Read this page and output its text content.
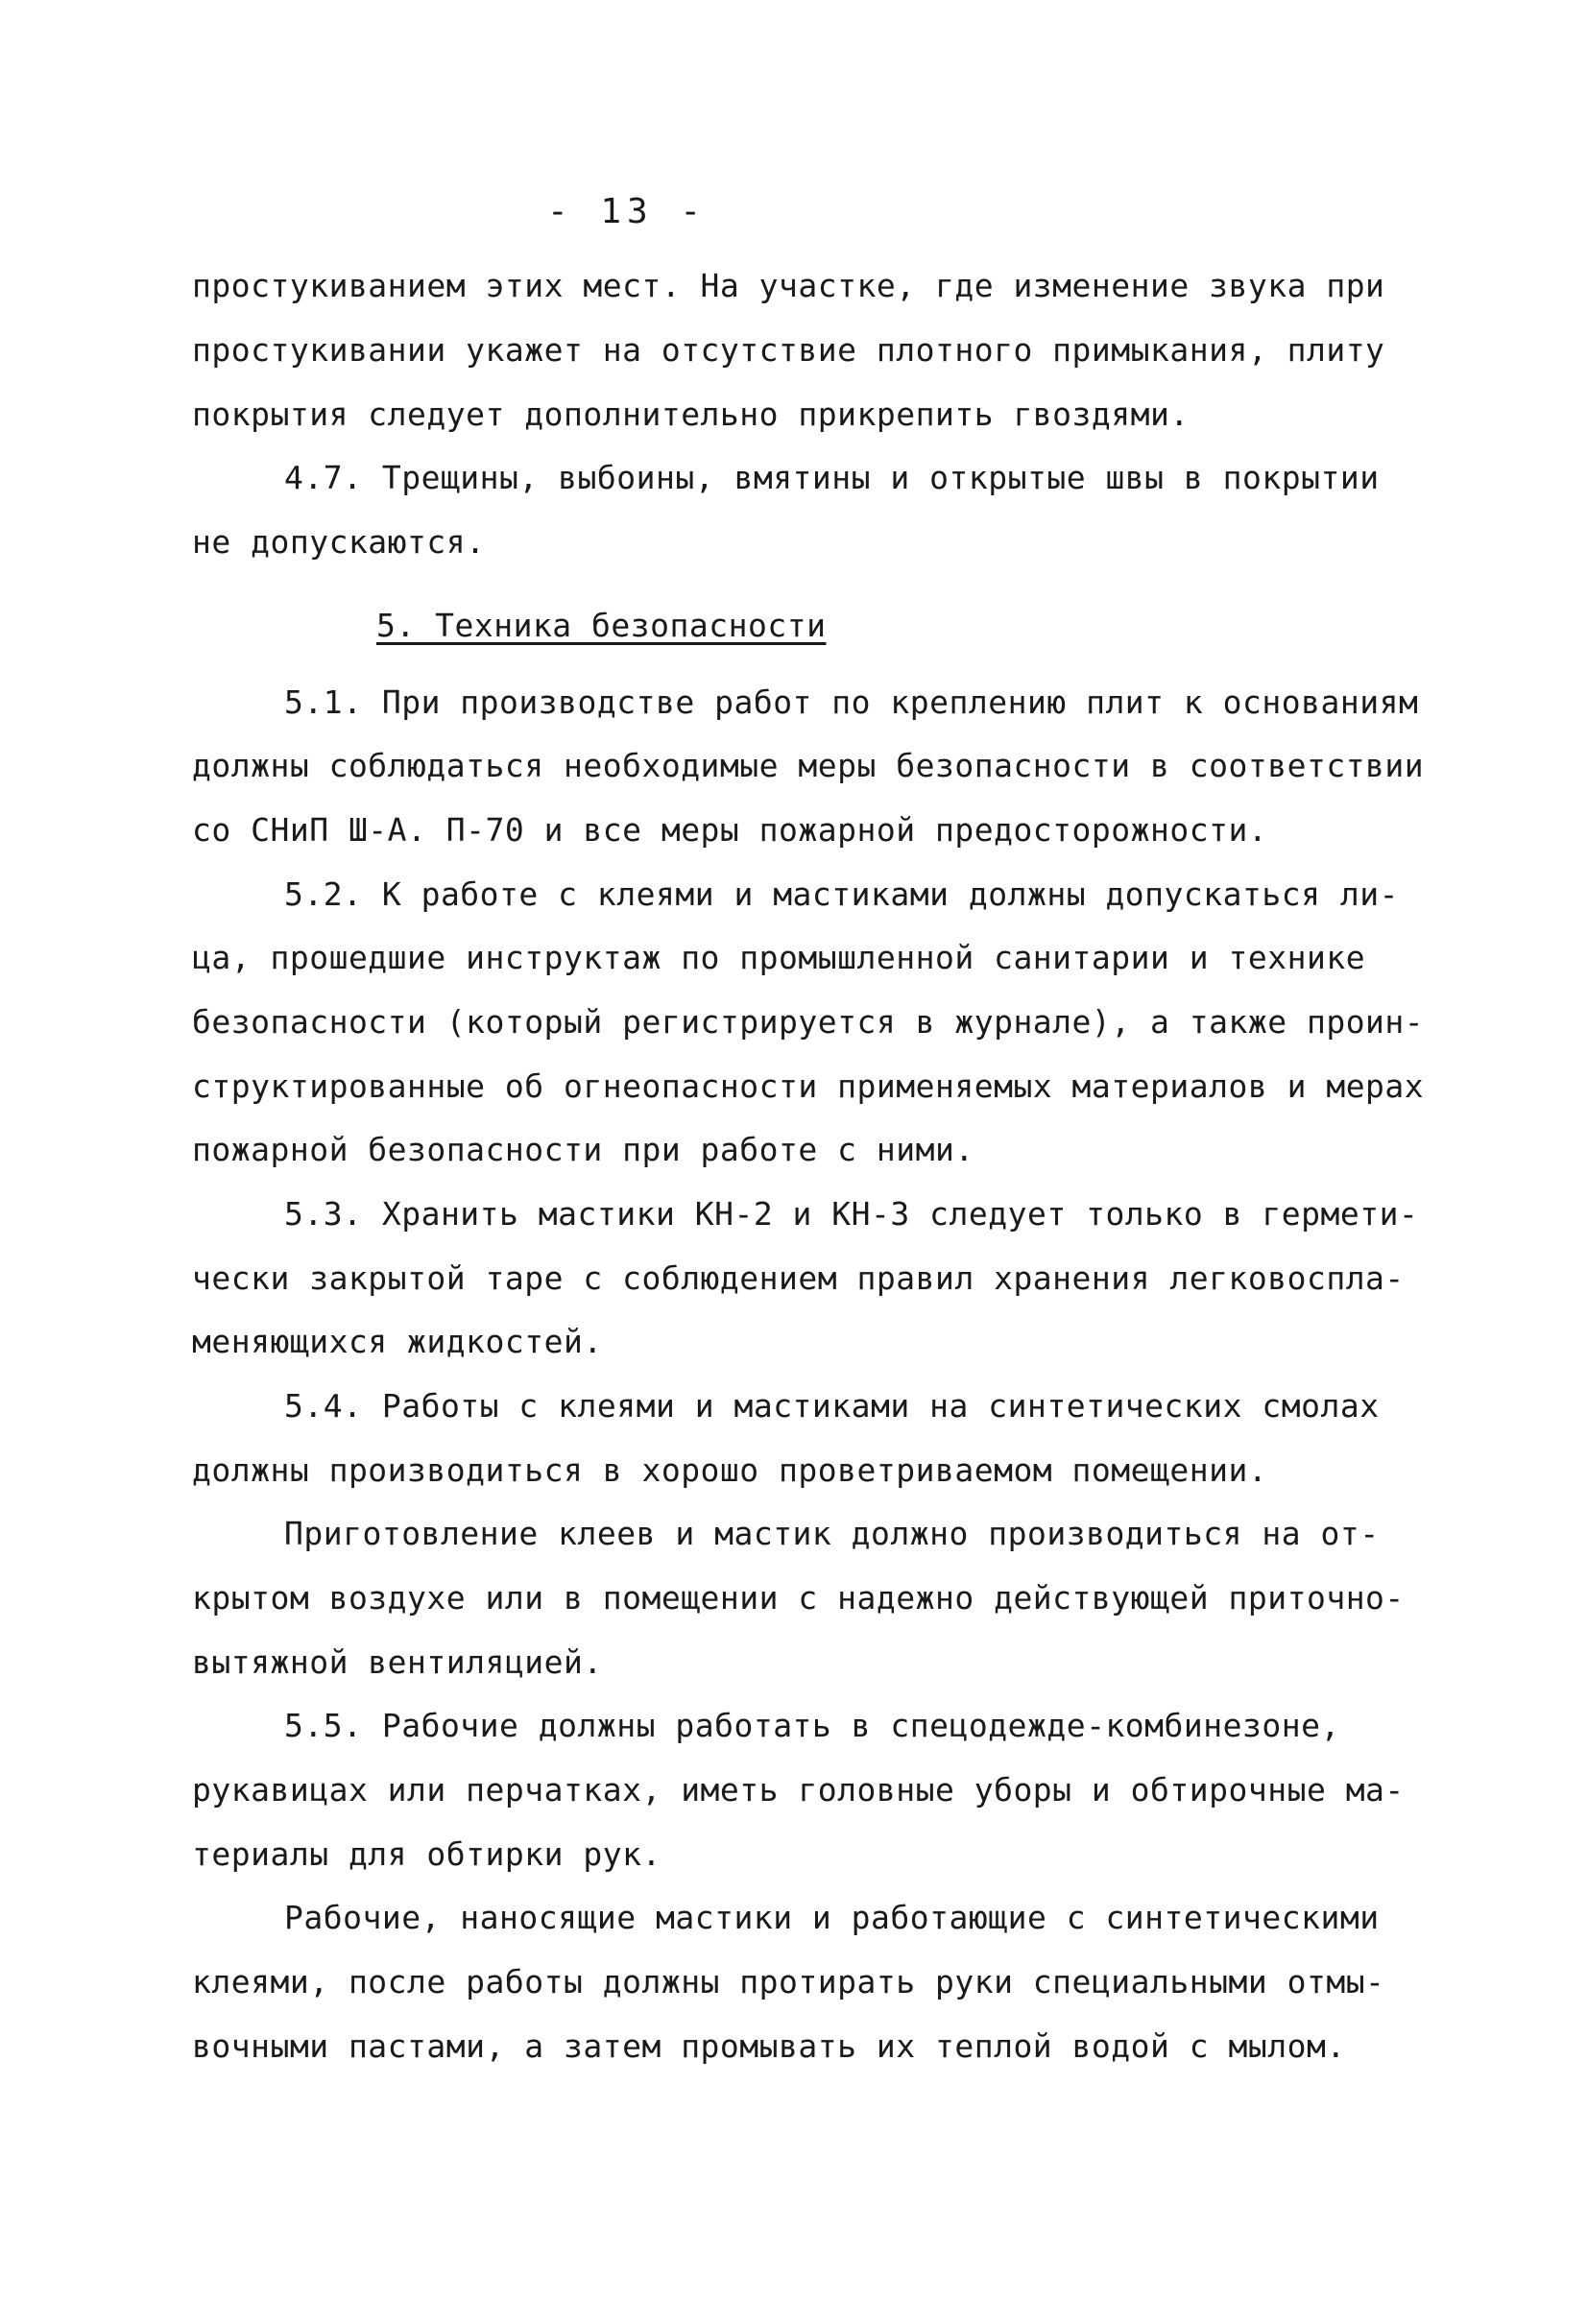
- 13 -
простукиванием этих мест. На участке, где изменение звука при
простукивании укажет на отсутствие плотного примыкания, плиту
покрытия следует дополнительно прикрепить гвоздями.
4.7. Трещины, выбоины, вмятины и открытые швы в покрытии
не допускаются.
5. Техника безопасности
5.1. При производстве работ по креплению плит к основаниям
должны соблюдаться необходимые меры безопасности в соответствии
со СНиП Ш-А. П-70 и все меры пожарной предосторожности.
5.2. К работе с клеями и мастиками должны допускаться ли-
ца, прошедшие инструктаж по промышленной санитарии и технике
безопасности (который регистрируется в журнале), а также проин-
структированные об огнеопасности применяемых материалов и мерах
пожарной безопасности при работе с ними.
5.3. Хранить мастики КН-2 и КН-3 следует только в гермети-
чески закрытой таре с соблюдением правил хранения легковоспла-
меняющихся жидкостей.
5.4. Работы с клеями и мастиками на синтетических смолах
должны производиться в хорошо проветриваемом помещении.
Приготовление клеев и мастик должно производиться на от-
крытом воздухе или в помещении с надежно действующей приточно-
вытяжной вентиляцией.
5.5. Рабочие должны работать в спецодежде-комбинезоне,
рукавицах или перчатках, иметь головные уборы и обтирочные ма-
териалы для обтирки рук.
Рабочие, наносящие мастики и работающие с синтетическими
клеями, после работы должны протирать руки специальными отмы-
вочными пастами, а затем промывать их теплой водой с мылом.
